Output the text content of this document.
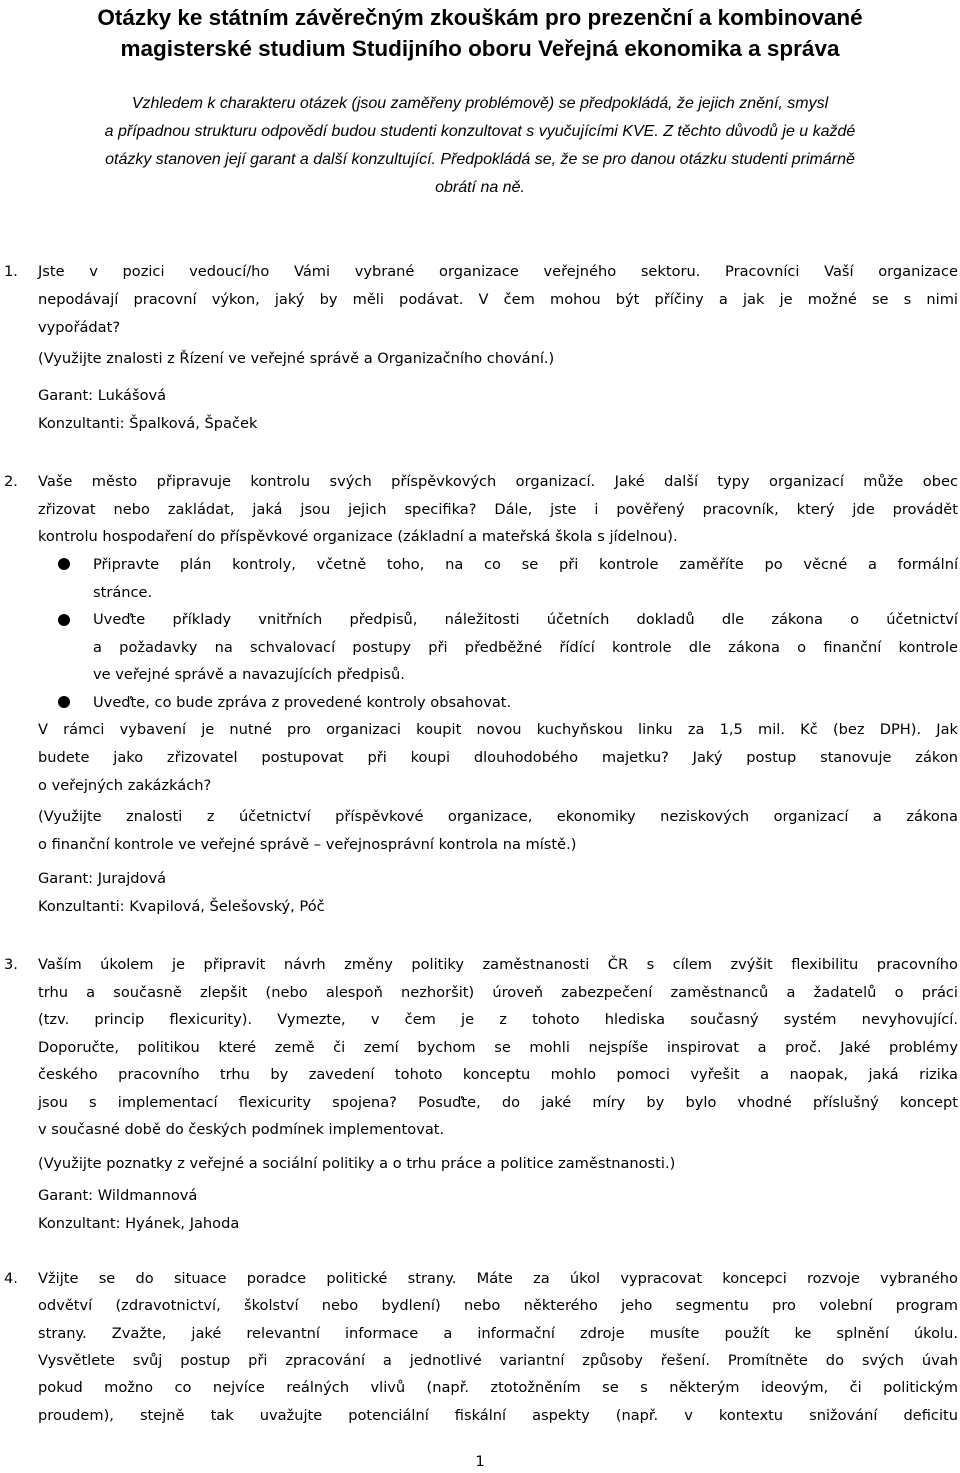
Otázky ke státním závěrečným zkouškám pro prezenční a kombinované
magisterské studium Studijního oboru Veřejná ekonomika a správa
Vzhledem k charakteru otázek (jsou zaměřeny problémově) se předpokládá, že jejich znění, smysl
a případnou strukturu odpovědí budou studenti konzultovat s vyučujícími KVE. Z těchto důvodů je u každé
otázky stanoven její garant a další konzultující. Předpokládá se, že se pro danou otázku studenti primárně
obrátí na ně.
1. Jste v pozici vedoucí/ho Vámi vybrané organizace veřejného sektoru. Pracovníci Vaší organizace
nepodávají pracovní výkon, jaký by měli podávat. V čem mohou být příčiny a jak je možné se s nimi
vypořádat?
(Využijte znalosti z Řízení ve veřejné správě a Organizačního chování.)
Garant: Lukášová
Konzultanti: Špalková, Špaček
2. Vaše město připravuje kontrolu svých příspěvkových organizací. Jaké další typy organizací může obec
zřizovat nebo zakládat, jaká jsou jejich specifika? Dále, jste i pověřený pracovník, který jde provádět
kontrolu hospodaření do příspěvkové organizace (základní a mateřská škola s jídelnou).
Připravte plán kontroly, včetně toho, na co se při kontrole zaměříte po věcné a formální
stránce.
Uveďte příklady vnitřních předpisů, náležitosti účetních dokladů dle zákona o účetnictví
a požadavky na schvalovací postupy při předběžné řídící kontrole dle zákona o finanční kontrole
ve veřejné správě a navazujících předpisů.
Uveďte, co bude zpráva z provedené kontroly obsahovat.
V rámci vybavení je nutné pro organizaci koupit novou kuchyňskou linku za 1,5 mil. Kč (bez DPH). Jak
budete jako zřizovatel postupovat při koupi dlouhodobého majetku? Jaký postup stanovuje zákon
o veřejných zakázkách?
(Využijte znalosti z účetnictví příspěvkové organizace, ekonomiky neziskových organizací a zákona
o finanční kontrole ve veřejné správě – veřejnosprávní kontrola na místě.)
Garant: Jurajdová
Konzultanti: Kvapilová, Šelešovský, Póč
3. Vaším úkolem je připravit návrh změny politiky zaměstnanosti ČR s cílem zvýšit flexibilitu pracovního
trhu a současně zlepšit (nebo alespoň nezhoršit) úroveň zabezpečení zaměstnanců a žadatelů o práci
(tzv. princip flexicurity). Vymezte, v čem je z tohoto hlediska současný systém nevyhovující.
Doporučte, politikou které země či zemí bychom se mohli nejspíše inspirovat a proč. Jaké problémy
českého pracovního trhu by zavedení tohoto konceptu mohlo pomoci vyřešit a naopak, jaká rizika
jsou s implementací flexicurity spojena? Posuďte, do jaké míry by bylo vhodné příslušný koncept
v současné době do českých podmínek implementovat.
(Využijte poznatky z veřejné a sociální politiky a o trhu práce a politice zaměstnanosti.)
Garant: Wildmannová
Konzultant: Hyánek, Jahoda
4. Vžijte se do situace poradce politické strany. Máte za úkol vypracovat koncepci rozvoje vybraného
odvětví (zdravotnictví, školství nebo bydlení) nebo některého jeho segmentu pro volební program
strany. Zvažte, jaké relevantní informace a informační zdroje musíte použít ke splnění úkolu.
Vysvětlete svůj postup při zpracování a jednotlivé variantní způsoby řešení. Promítněte do svých úvah
pokud možno co nejvíce reálných vlivů (např. ztotožněním se s některým ideovým, či politickým
proudem), stejně tak uvažujte potenciální fiskální aspekty (např. v kontextu snižování deficitu
1
